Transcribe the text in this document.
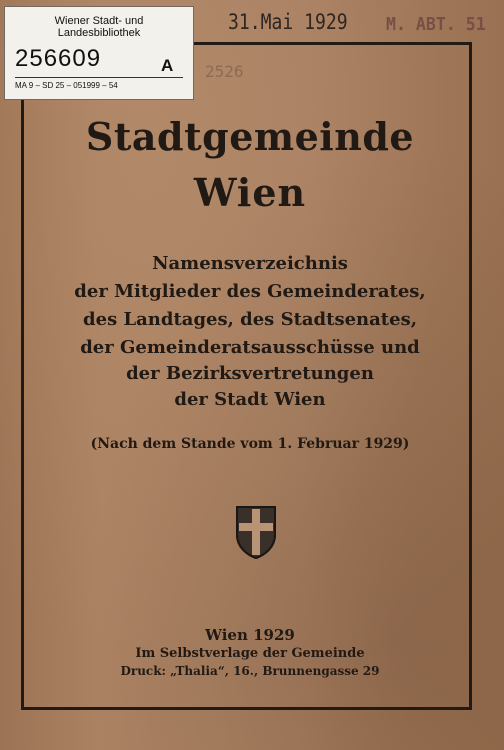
Wiener Stadt- und
Landesbibliothek
256609	A
MA 9 – SD 25 – 051999 – 54
31.Mai 1929 M. ABT. 51
2526
Stadtgemeinde
Wien
Namensverzeichnis
der Mitglieder des Gemeinderates,
des Landtages, des Stadtsenates,
der Gemeinderatsausschüsse und
der Bezirksvertretungen
der Stadt Wien
(Nach dem Stande vom 1. Februar 1929)
Wien 1929
Im Selbstverlage der Gemeinde
Druck: „Thalia“, 16., Brunnengasse 29
